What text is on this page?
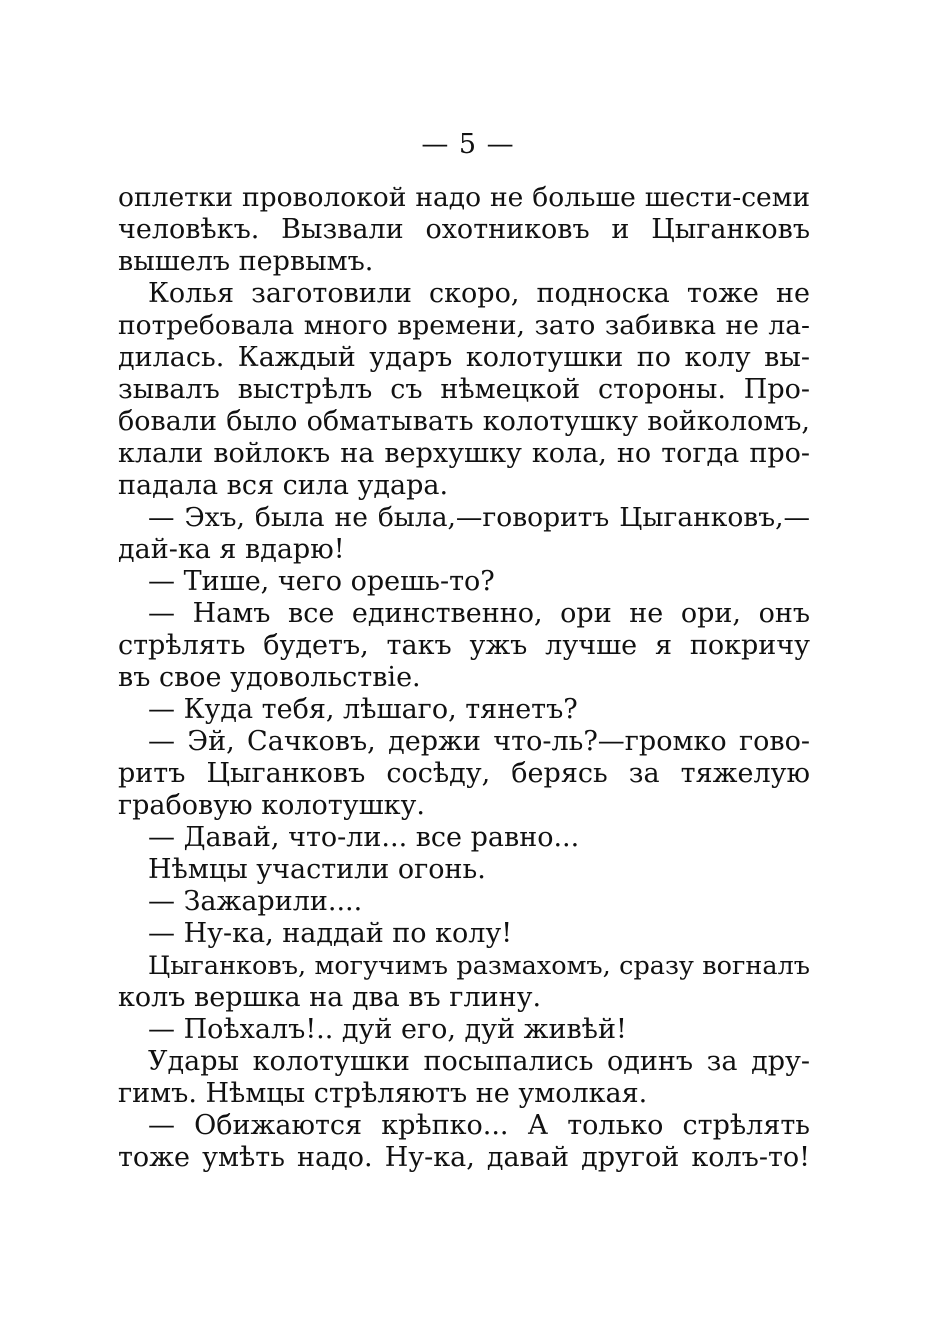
— 5 —
оплетки проволокой надо не больше шести-семи
человѣкъ. Вызвали охотниковъ и Цыганковъ
вышелъ первымъ.
Колья заготовили скоро, подноска тоже не
потребовала много времени, зато забивка не ла-
дилась. Каждый ударъ колотушки по колу вы-
зывалъ выстрѣлъ съ нѣмецкой стороны. Про-
бовали было обматывать колотушку войколомъ,
клали войлокъ на верхушку кола, но тогда про-
падала вся сила удара.
— Эхъ, была не была,—говоритъ Цыганковъ,—
дай-ка я вдарю!
— Тише, чего орешь-то?
— Намъ все единственно, ори не ори, онъ
стрѣлять будетъ, такъ ужъ лучше я покричу
въ свое удовольствіе.
— Куда тебя, лѣшаго, тянетъ?
— Эй, Сачковъ, держи что-ль?—громко гово-
ритъ Цыганковъ сосѣду, берясь за тяжелую
грабовую колотушку.
— Давай, что-ли... все равно...
Нѣмцы участили огонь.
— Зажарили....
— Ну-ка, наддай по колу!
Цыганковъ, могучимъ размахомъ, сразу вогналъ
колъ вершка на два въ глину.
— Поѣхалъ!.. дуй его, дуй живѣй!
Удары колотушки посыпались одинъ за дру-
гимъ. Нѣмцы стрѣляютъ не умолкая.
— Обижаются крѣпко... А только стрѣлять
тоже умѣть надо. Ну-ка, давай другой колъ-то!
